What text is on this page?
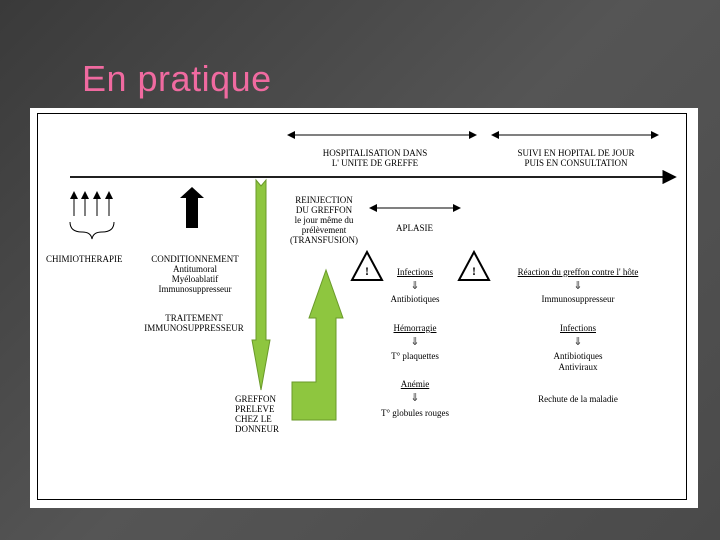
En pratique
HOSPITALISATION DANS
L' UNITE DE GREFFE
SUIVI EN HOPITAL DE JOUR
PUIS EN CONSULTATION
CHIMIOTHERAPIE	CONDITIONNEMENT
Antitumoral
Myéloablatif
Immunosuppresseur
TRAITEMENT
IMMUNOSUPPRESSEUR
REINJECTION
DU GREFFON
le jour même du
prélèvement
(TRANSFUSION)
GREFFON
PRELEVE
CHEZ LE
DONNEUR
APLASIE
!	!
Infections
⇓
Antibiotiques
Hémorragie
⇓
T° plaquettes
Anémie
⇓
T° globules rouges
Réaction du greffon contre l' hôte
⇓
Immunosuppresseur
Infections
⇓
Antibiotiques
Antiviraux
Rechute de la maladie
